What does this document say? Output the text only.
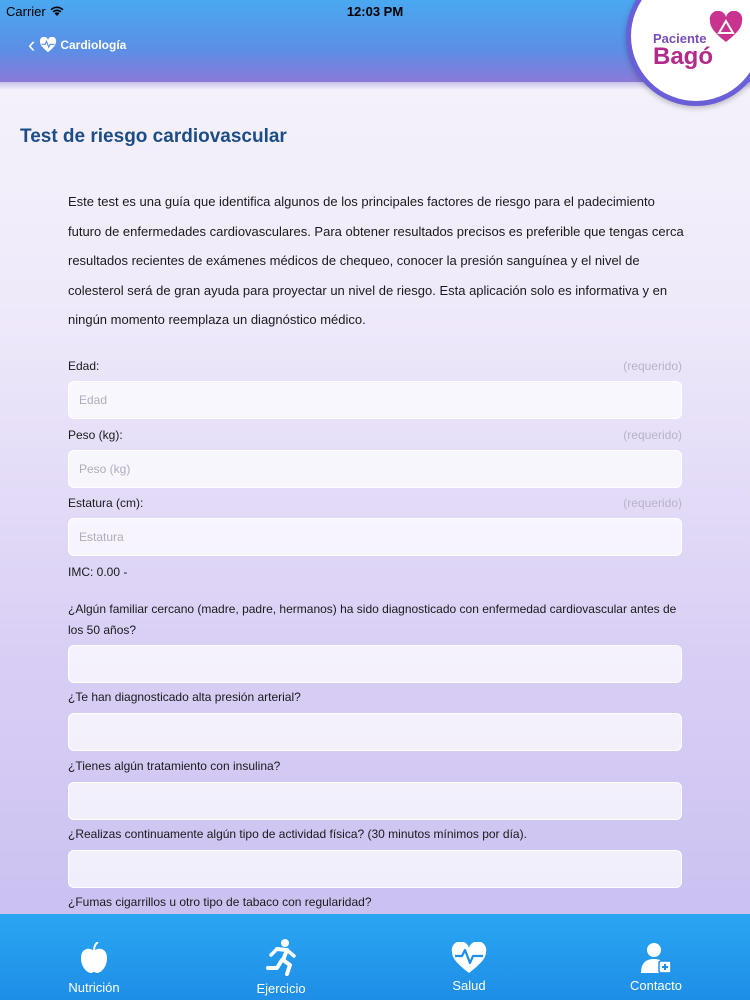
Carrier	12:03 PM
‹ Cardiología	Paciente
Bagó
Test de riesgo cardiovascular

Este test es una guía que identifica algunos de los principales factores de riesgo para el padecimiento futuro de enfermedades cardiovasculares. Para obtener resultados precisos es preferible que tengas cerca resultados recientes de exámenes médicos de chequeo, conocer la presión sanguínea y el nivel de colesterol será de gran ayuda para proyectar un nivel de riesgo. Esta aplicación solo es informativa y en ningún momento reemplaza un diagnóstico médico.

Edad:	(requerido)
Edad
Peso (kg):	(requerido)
Peso (kg)
Estatura (cm):	(requerido)
Estatura
IMC: 0.00 -
¿Algún familiar cercano (madre, padre, hermanos) ha sido diagnosticado con enfermedad cardiovascular antes de los 50 años?
¿Te han diagnosticado alta presión arterial?
¿Tienes algún tratamiento con insulina?
¿Realizas continuamente algún tipo de actividad física? (30 minutos mínimos por día).
¿Fumas cigarrillos u otro tipo de tabaco con regularidad?
Nutrición	Ejercicio	Salud	Contacto
